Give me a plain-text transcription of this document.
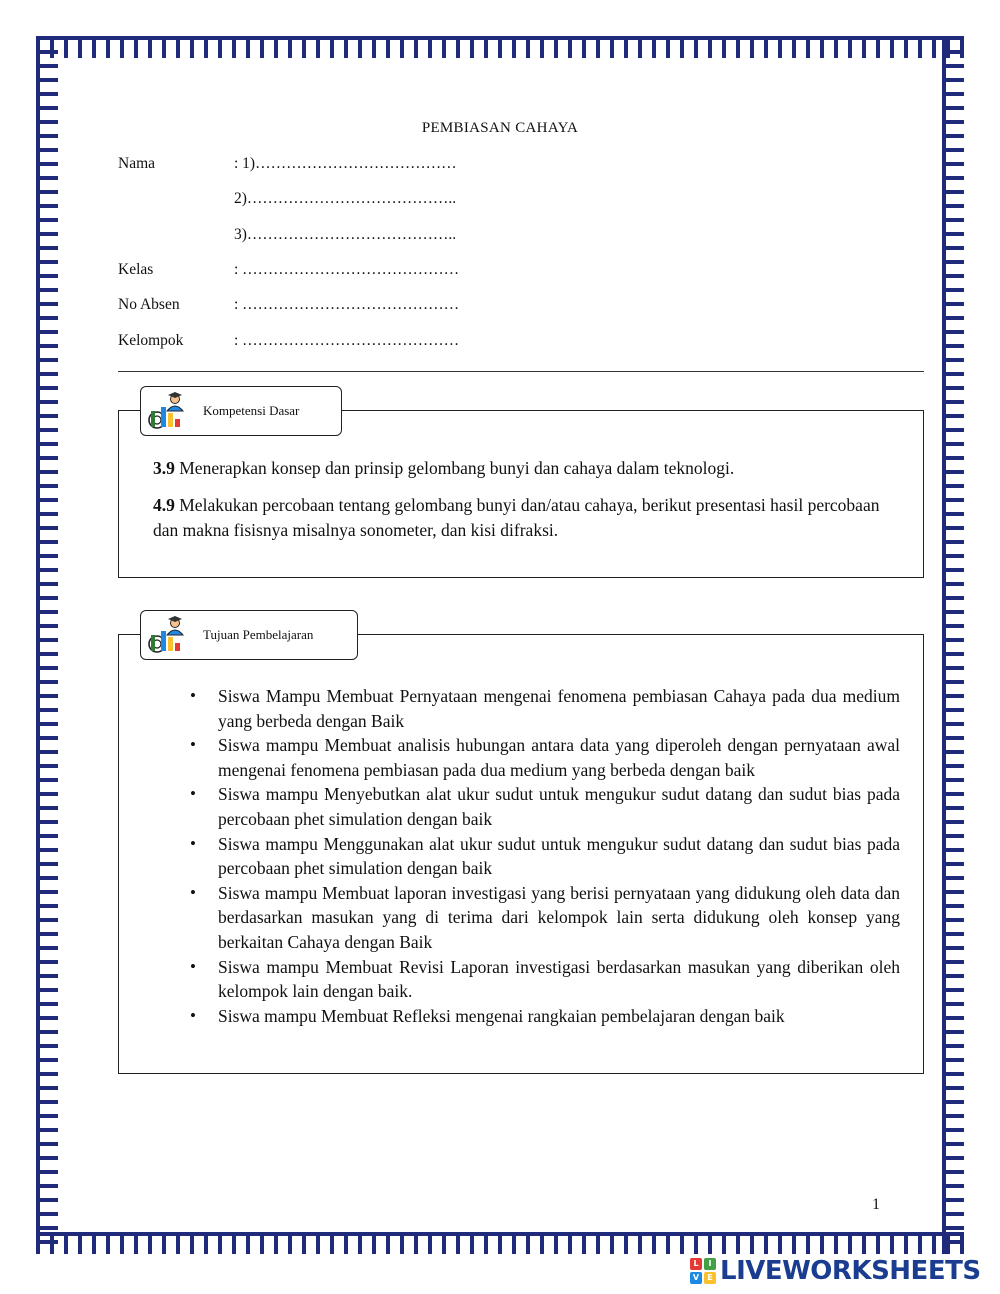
PEMBIASAN CAHAYA
Nama	: 1)…………………………………
2)…………………………………..
3)…………………………………..
Kelas	: ……………………………………
No Absen	: ……………………………………
Kelompok	: ……………………………………
Kompetensi Dasar
3.9 Menerapkan konsep dan prinsip gelombang bunyi dan cahaya dalam teknologi.
4.9 Melakukan percobaan tentang gelombang bunyi dan/atau cahaya, berikut presentasi hasil percobaan dan makna fisisnya misalnya sonometer, dan kisi difraksi.
Tujuan Pembelajaran
• Siswa Mampu Membuat Pernyataan mengenai fenomena pembiasan Cahaya pada dua medium yang berbeda dengan Baik
• Siswa mampu Membuat analisis hubungan antara data yang diperoleh dengan pernyataan awal mengenai fenomena pembiasan pada dua medium yang berbeda dengan baik
• Siswa mampu Menyebutkan alat ukur sudut untuk mengukur sudut datang dan sudut bias pada percobaan phet simulation dengan baik
• Siswa mampu Menggunakan alat ukur sudut untuk mengukur sudut datang dan sudut bias pada percobaan phet simulation dengan baik
• Siswa mampu Membuat laporan investigasi yang berisi pernyataan yang didukung oleh data dan berdasarkan masukan yang di terima dari kelompok lain serta didukung oleh konsep yang berkaitan Cahaya dengan Baik
• Siswa mampu Membuat Revisi Laporan investigasi berdasarkan masukan yang diberikan oleh kelompok lain dengan baik.
• Siswa mampu Membuat Refleksi mengenai rangkaian pembelajaran dengan baik
1
L	I
V	E LIVEWORKSHEETS
